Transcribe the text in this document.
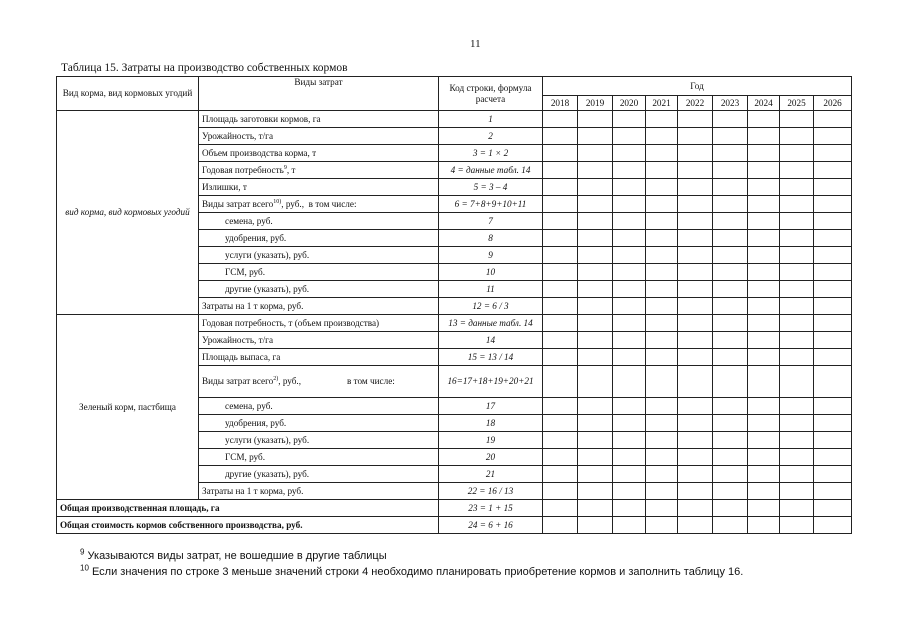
11
Таблица 15. Затраты на производство собственных кормов
Вид корма, вид кормовых угодий	Виды затрат	Код строки, формула расчета	Год								
			2018	2019	2020	2021	2022	2023	2024	2025	2026
вид корма, вид кормовых угодий	Площадь заготовки кормов, га	1									
	Урожайность, т/га	2									
	Объем производства корма, т	3 = 1 × 2									
	Годовая потребность$^9$, т	4 = данные табл. 14									
	Излишки, т	5 = 3 – 4									
	Виды затрат всего$^{10)}$, руб.,  в том числе:	6 = 7+8+9+10+11									
	семена, руб.	7									
	удобрения, руб.	8									
	услуги (указать), руб.	9									
	ГСМ, руб.	10									
	другие (указать), руб.	11									
	Затраты на 1 т корма, руб.	12 = 6 / 3									
Зеленый корм, пастбища	Годовая потребность, т (объем производства)	13 = данные табл. 14									
	Урожайность, т/га	14									
	Площадь выпаса, га	15 = 13 / 14									
	Виды затрат всего$^{2)}$, руб.,                    в том числе:	16=17+18+19+20+21									
	семена, руб.	17									
	удобрения, руб.	18									
	услуги (указать), руб.	19									
	ГСМ, руб.	20									
	другие (указать), руб.	21									
	Затраты на 1 т корма, руб.	22 = 16 / 13									
Общая производственная площадь, га		23 = 1 + 15									
Общая стоимость кормов собственного производства, руб.		24 = 6 + 16									
$^9$ Указываются виды затрат, не вошедшие в другие таблицы
$^{10}$ Если значения по строке 3 меньше значений строки 4 необходимо планировать приобретение кормов и заполнить таблицу 16.
